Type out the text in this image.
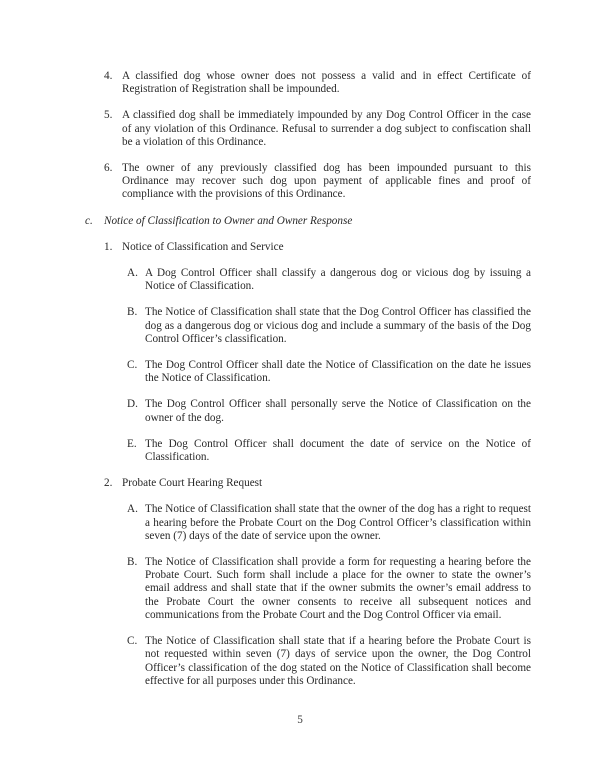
4. A classified dog whose owner does not possess a valid and in effect Certificate of Registration of Registration shall be impounded.
5. A classified dog shall be immediately impounded by any Dog Control Officer in the case of any violation of this Ordinance. Refusal to surrender a dog subject to confiscation shall be a violation of this Ordinance.
6. The owner of any previously classified dog has been impounded pursuant to this Ordinance may recover such dog upon payment of applicable fines and proof of compliance with the provisions of this Ordinance.
c. Notice of Classification to Owner and Owner Response
1. Notice of Classification and Service
A. A Dog Control Officer shall classify a dangerous dog or vicious dog by issuing a Notice of Classification.
B. The Notice of Classification shall state that the Dog Control Officer has classified the dog as a dangerous dog or vicious dog and include a summary of the basis of the Dog Control Officer’s classification.
C. The Dog Control Officer shall date the Notice of Classification on the date he issues the Notice of Classification.
D. The Dog Control Officer shall personally serve the Notice of Classification on the owner of the dog.
E. The Dog Control Officer shall document the date of service on the Notice of Classification.
2. Probate Court Hearing Request
A. The Notice of Classification shall state that the owner of the dog has a right to request a hearing before the Probate Court on the Dog Control Officer’s classification within seven (7) days of the date of service upon the owner.
B. The Notice of Classification shall provide a form for requesting a hearing before the Probate Court. Such form shall include a place for the owner to state the owner’s email address and shall state that if the owner submits the owner’s email address to the Probate Court the owner consents to receive all subsequent notices and communications from the Probate Court and the Dog Control Officer via email.
C. The Notice of Classification shall state that if a hearing before the Probate Court is not requested within seven (7) days of service upon the owner, the Dog Control Officer’s classification of the dog stated on the Notice of Classification shall become effective for all purposes under this Ordinance.
5
